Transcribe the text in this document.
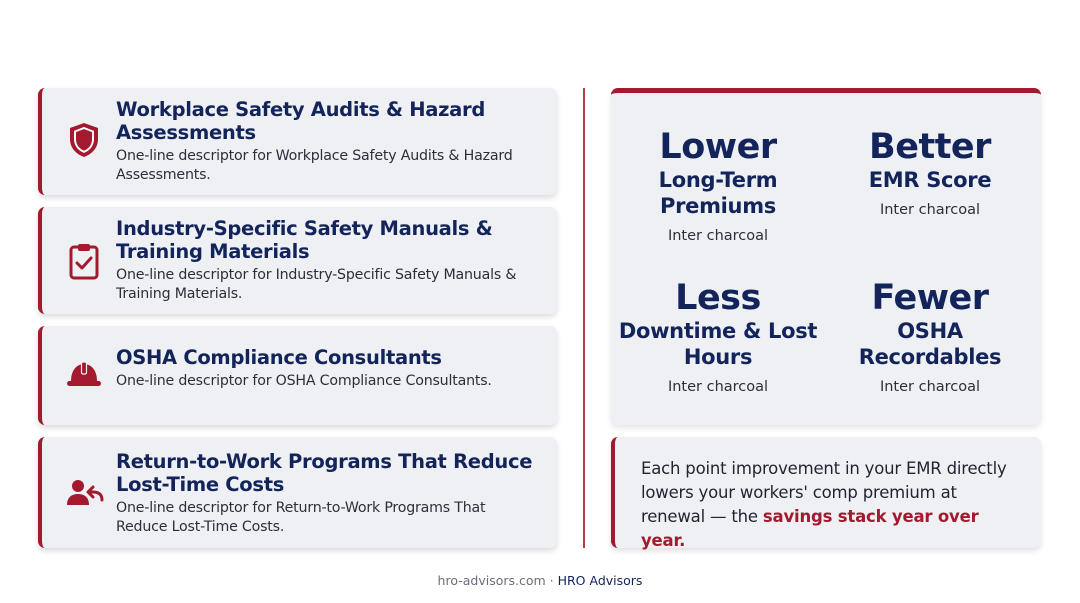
Workplace Safety Audits & Hazard Assessments
One-line descriptor for Workplace Safety Audits & Hazard Assessments.
Industry-Specific Safety Manuals & Training Materials
One-line descriptor for Industry-Specific Safety Manuals & Training Materials.
OSHA Compliance Consultants
One-line descriptor for OSHA Compliance Consultants.
Return-to-Work Programs That Reduce Lost-Time Costs
One-line descriptor for Return-to-Work Programs That Reduce Lost-Time Costs.
Lower
Long-Term Premiums
Inter charcoal
Better
EMR Score
Inter charcoal
Less
Downtime & Lost Hours
Inter charcoal
Fewer
OSHA Recordables
Inter charcoal

Each point improvement in your EMR directly lowers your workers' comp premium at renewal — the savings stack year over year.

hro-advisors.com · HRO Advisors
